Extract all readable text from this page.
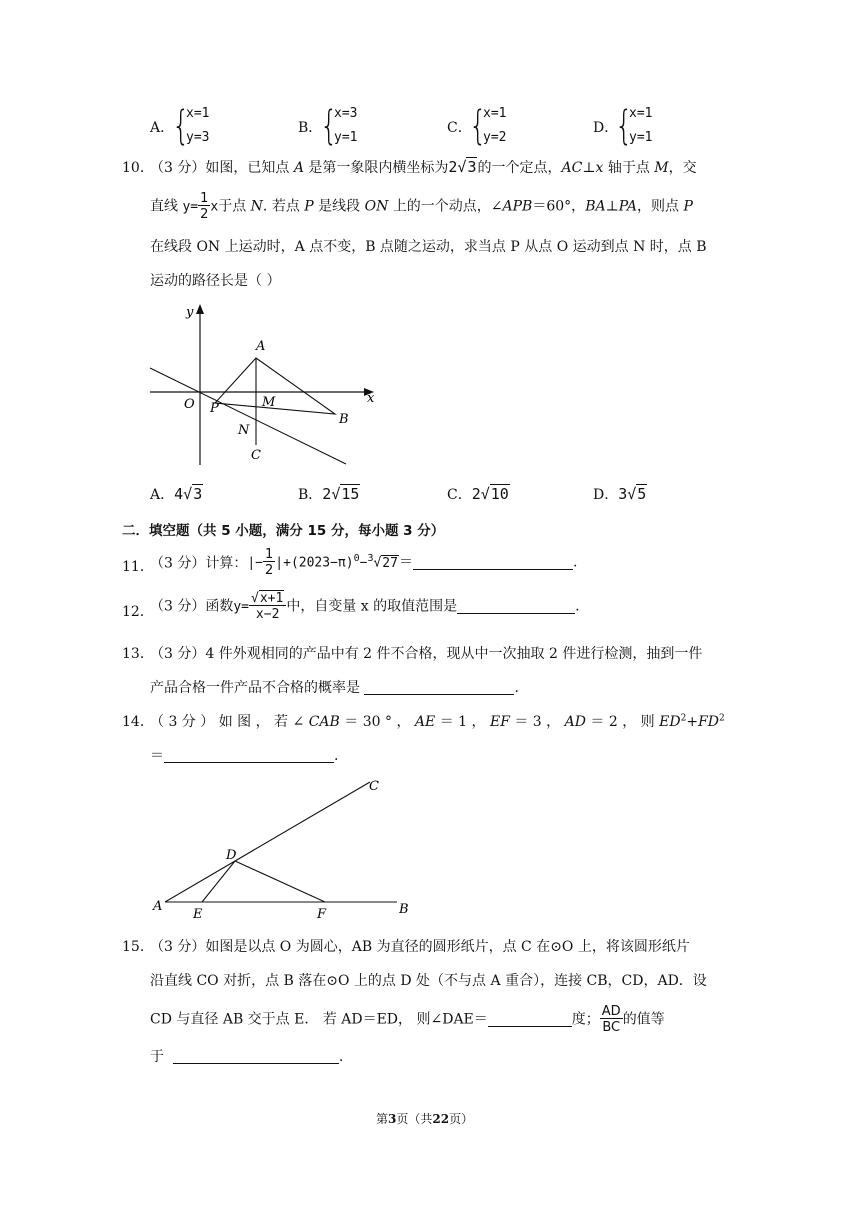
A．
{
x=1
y=3
B．
{
x=3
y=1
C．
{
x=1
y=2
D．
{
x=1
y=1
10．
（3 分）如图，已知点 A 是第一象限内横坐标为2√3的一个定点，AC⊥x 轴于点 M，交
直线 $y= \frac{1}{2}$ x于点 N. 若点 P 是线段 ON 上的一个动点，∠APB＝60°，BA⊥PA，则点 P
在线段 ON 上运动时，A 点不变，B 点随之运动，求当点 P 从点 O 运动到点 N 时，点 B
运动的路径长是（ ）
y
x
O
A
P	M
B
N
C
A．4√3	B．2√15	C．2√10	D．3√5
二．填空题（共 5 小题，满分 15 分，每小题 3 分）
11．
（3 分）计算：|− $\frac{1}{2} |+(2023-\pi)^0-^3√27=$	.
12．
（3 分）函数$y= \frac{√x+1}{x-2}$ 中，自变量 x 的取值范围是	.
13．
（3 分）4 件外观相同的产品中有 2 件不合格，现从中一次抽取 2 件进行检测，抽到一件
产品合格一件产品不合格的概率是	.
14．
（ 3 分 ） 如 图 ， 若 ∠ CAB ＝ 30 ° ， AE ＝ 1 ， EF ＝ 3 ， AD ＝ 2 ， 则 $ED^2+FD^2$
＝	.
A	B
C
D
E	F
15．
（3 分）如图是以点 O 为圆心，AB 为直径的圆形纸片，点 C 在⊙O 上，将该圆形纸片
沿直线 CO 对折，点 B 落在⊙O 上的点 D 处（不与点 A 重合），连接 CB，CD，AD．设
CD 与直径 AB 交于点 E． 若 AD＝ED， 则∠DAE＝	度； $\frac{AD}{BC}$ 的值等
于	.
第3页（共22页）
